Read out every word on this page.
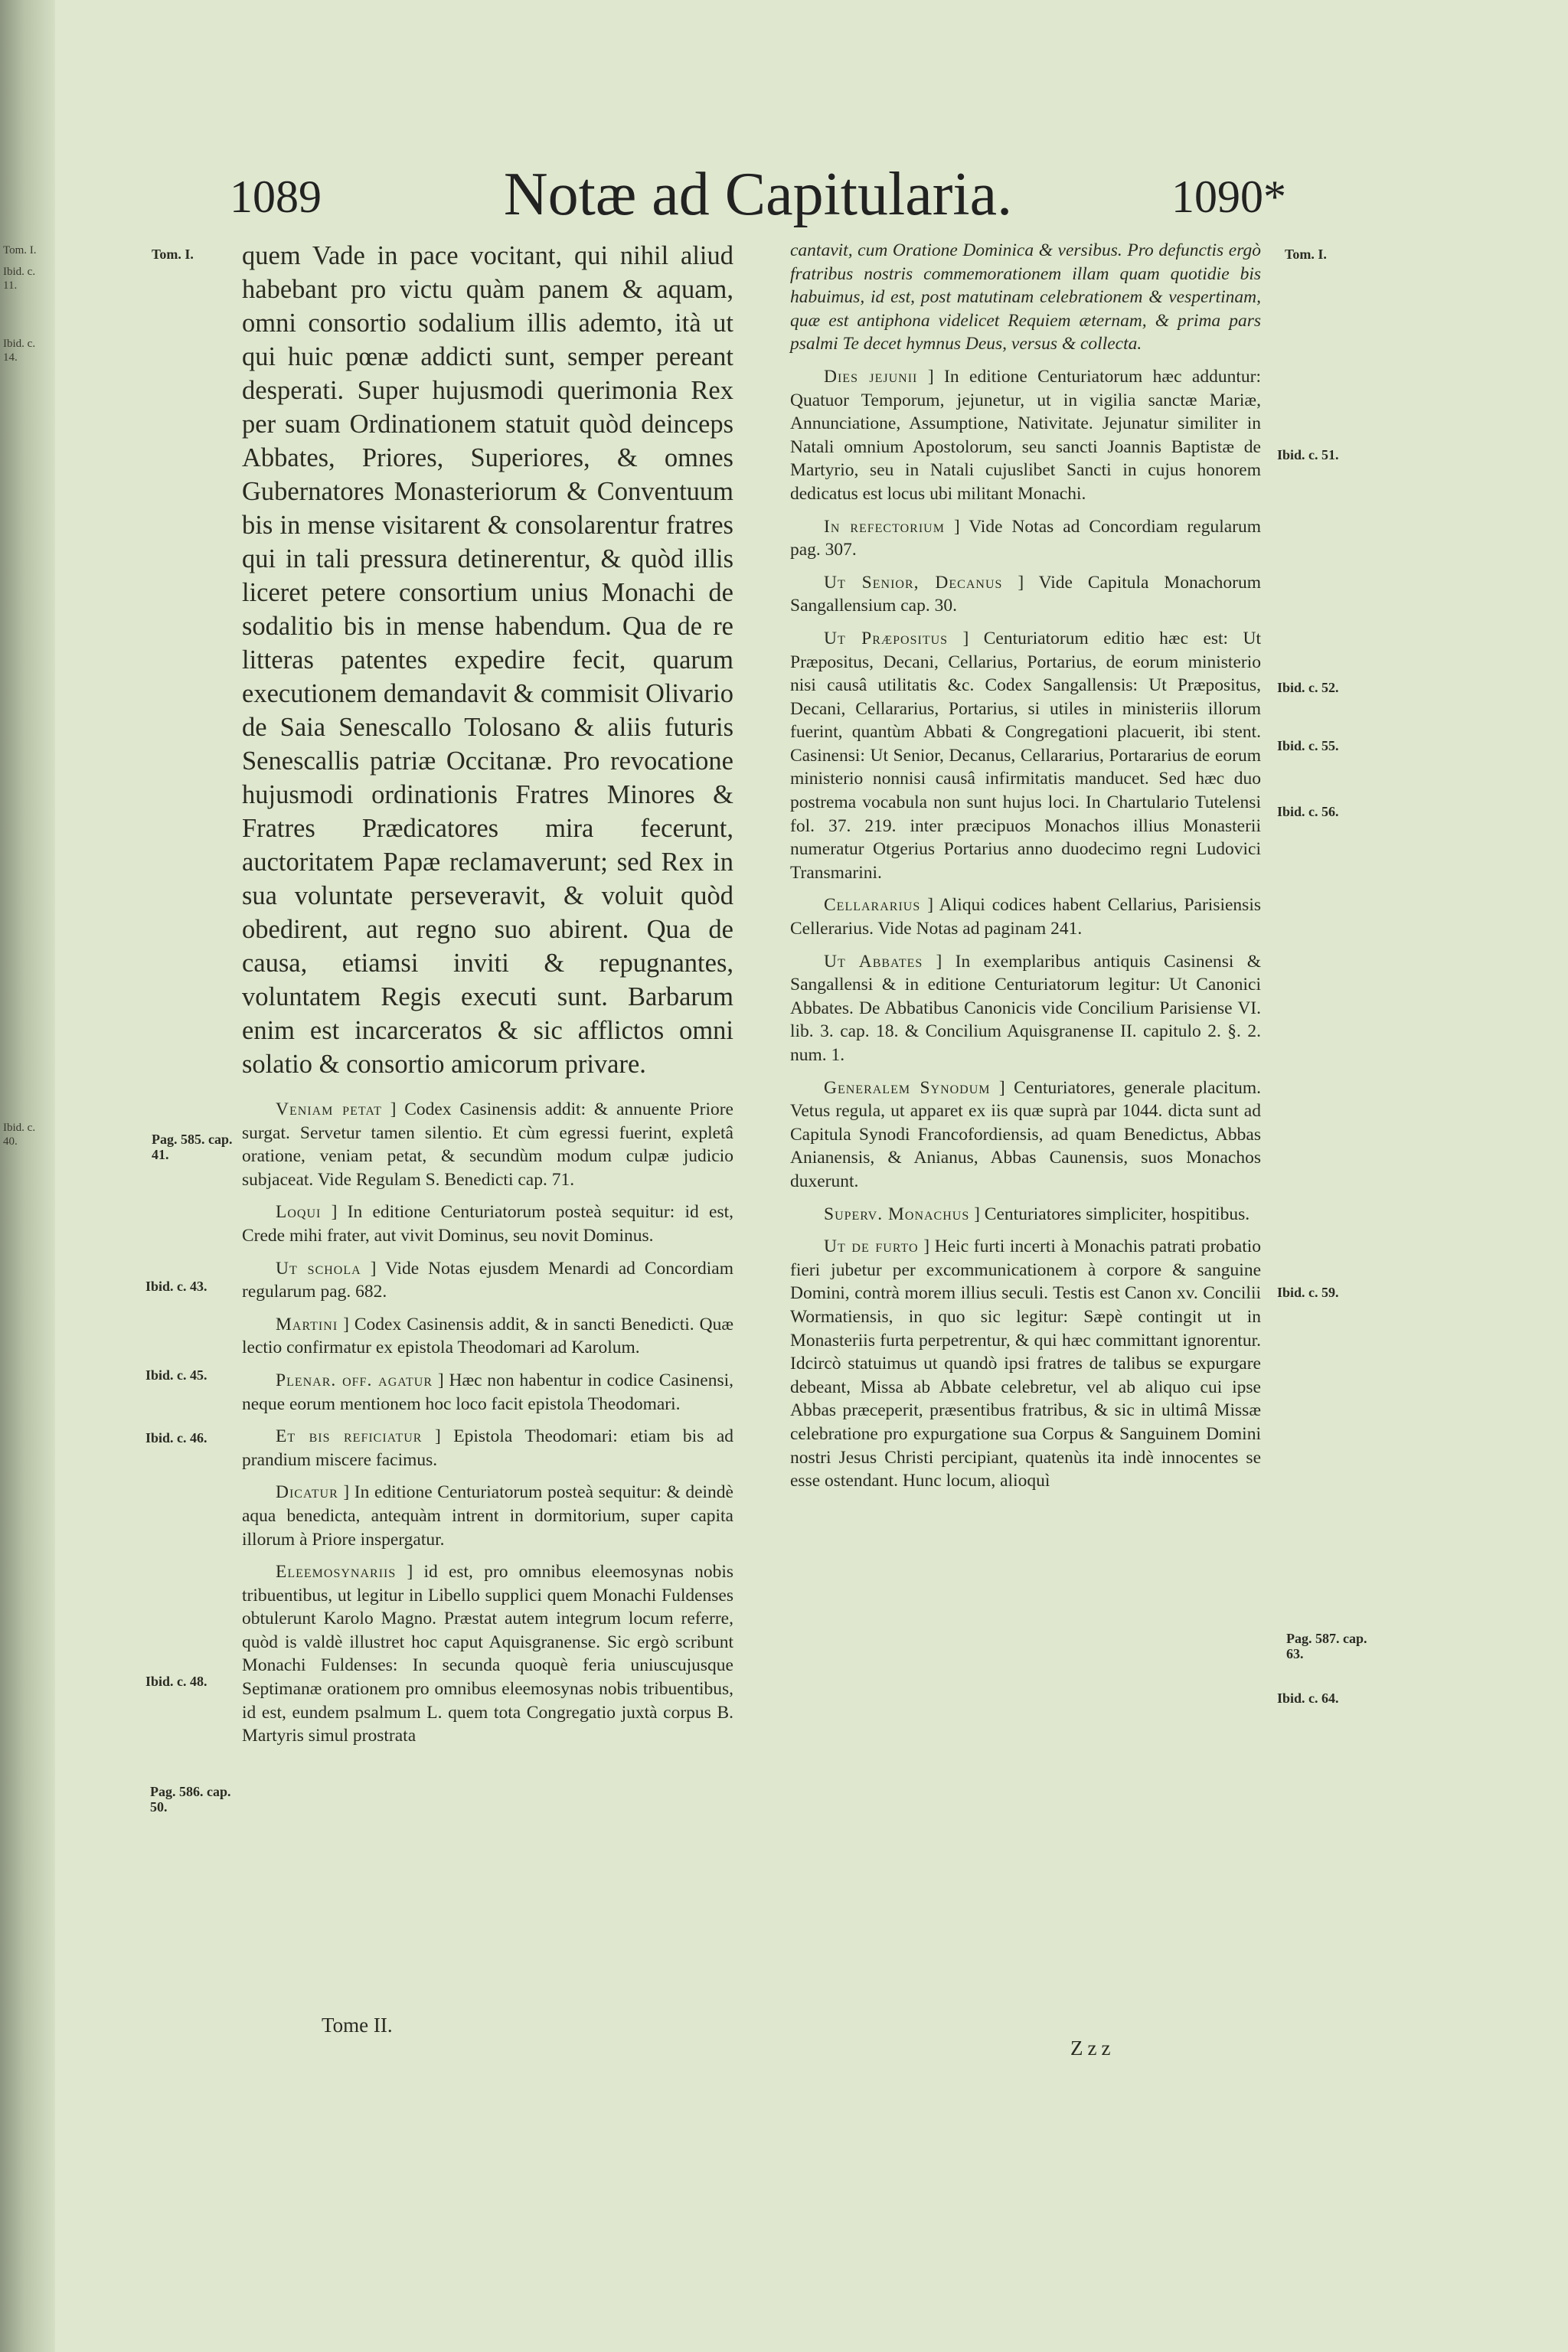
Tom. I.
Ibid. c. 11.
Ibid. c. 14.
Ibid. c. 40.
1089	Notæ ad Capitularia.	1090*
Tom. I.
Pag. 585. cap. 41.
Ibid. c. 43.
Ibid. c. 45.
Ibid. c. 46.
Ibid. c. 48.
Pag. 586. cap. 50.
Tom. I.
Ibid. c. 51.
Ibid. c. 52.
Ibid. c. 55.
Ibid. c. 56.
Ibid. c. 59.
Pag. 587. cap. 63.
Ibid. c. 64.

quem Vade in pace vocitant, qui nihil aliud habebant pro victu quàm panem & aquam, omni consortio sodalium illis ademto, ità ut qui huic pœnæ addicti sunt, semper pereant desperati. Super hujusmodi querimonia Rex per suam Ordinationem statuit quòd deinceps Abbates, Priores, Superiores, & omnes Gubernatores Monasteriorum & Conventuum bis in mense visitarent & consolarentur fratres qui in tali pressura detinerentur, & quòd illis liceret petere consortium unius Monachi de sodalitio bis in mense habendum. Qua de re litteras patentes expedire fecit, quarum executionem demandavit & commisit Olivario de Saia Senescallo Tolosano & aliis futuris Senescallis patriæ Occitanæ. Pro revocatione hujusmodi ordinationis Fratres Minores & Fratres Prædicatores mira fecerunt, auctoritatem Papæ reclamaverunt; sed Rex in sua voluntate perseveravit, & voluit quòd obedirent, aut regno suo abirent. Qua de causa, etiamsi inviti & repugnantes, voluntatem Regis executi sunt. Barbarum enim est incarceratos & sic afflictos omni solatio & consortio amicorum privare.

Veniam petat ] Codex Casinensis addit: & annuente Priore surgat. Servetur tamen silentio. Et cùm egressi fuerint, expletâ oratione, veniam petat, & secundùm modum culpæ judicio subjaceat. Vide Regulam S. Benedicti cap. 71.

Loqui ] In editione Centuriatorum posteà sequitur: id est, Crede mihi frater, aut vivit Dominus, seu novit Dominus.

Ut schola ] Vide Notas ejusdem Menardi ad Concordiam regularum pag. 682.

Martini ] Codex Casinensis addit, & in sancti Benedicti. Quæ lectio confirmatur ex epistola Theodomari ad Karolum.

Plenar. off. agatur ] Hæc non habentur in codice Casinensi, neque eorum mentionem hoc loco facit epistola Theodomari.

Et bis reficiatur ] Epistola Theodomari: etiam bis ad prandium miscere facimus.

Dicatur ] In editione Centuriatorum posteà sequitur: & deindè aqua benedicta, antequàm intrent in dormitorium, super capita illorum à Priore inspergatur.

Eleemosynariis ] id est, pro omnibus eleemosynas nobis tribuentibus, ut legitur in Libello supplici quem Monachi Fuldenses obtulerunt Karolo Magno. Præstat autem integrum locum referre, quòd is valdè illustret hoc caput Aquisgranense. Sic ergò scribunt Monachi Fuldenses: In secunda quoquè feria uniuscujusque Septimanæ orationem pro omnibus eleemosynas nobis tribuentibus, id est, eundem psalmum L. quem tota Congregatio juxtà corpus B. Martyris simul prostrata

cantavit, cum Oratione Dominica & versibus. Pro defunctis ergò fratribus nostris commemorationem illam quam quotidie bis habuimus, id est, post matutinam celebrationem & vespertinam, quæ est antiphona videlicet Requiem æternam, & prima pars psalmi Te decet hymnus Deus, versus & collecta.

Dies jejunii ] In editione Centuriatorum hæc adduntur: Quatuor Temporum, jejunetur, ut in vigilia sanctæ Mariæ, Annunciatione, Assumptione, Nativitate. Jejunatur similiter in Natali omnium Apostolorum, seu sancti Joannis Baptistæ de Martyrio, seu in Natali cujuslibet Sancti in cujus honorem dedicatus est locus ubi militant Monachi.

In refectorium ] Vide Notas ad Concordiam regularum pag. 307.

Ut Senior, Decanus ] Vide Capitula Monachorum Sangallensium cap. 30.

Ut Præpositus ] Centuriatorum editio hæc est: Ut Præpositus, Decani, Cellarius, Portarius, de eorum ministerio nisi causâ utilitatis &c. Codex Sangallensis: Ut Præpositus, Decani, Cellararius, Portarius, si utiles in ministeriis illorum fuerint, quantùm Abbati & Congregationi placuerit, ibi stent. Casinensi: Ut Senior, Decanus, Cellararius, Portararius de eorum ministerio nonnisi causâ infirmitatis manducet. Sed hæc duo postrema vocabula non sunt hujus loci. In Chartulario Tutelensi fol. 37. 219. inter præcipuos Monachos illius Monasterii numeratur Otgerius Portarius anno duodecimo regni Ludovici Transmarini.

Cellararius ] Aliqui codices habent Cellarius, Parisiensis Cellerarius. Vide Notas ad paginam 241.

Ut Abbates ] In exemplaribus antiquis Casinensi & Sangallensi & in editione Centuriatorum legitur: Ut Canonici Abbates. De Abbatibus Canonicis vide Concilium Parisiense VI. lib. 3. cap. 18. & Concilium Aquisgranense II. capitulo 2. §. 2. num. 1.

Generalem Synodum ] Centuriatores, generale placitum. Vetus regula, ut apparet ex iis quæ suprà par 1044. dicta sunt ad Capitula Synodi Francofordiensis, ad quam Benedictus, Abbas Anianensis, & Anianus, Abbas Caunensis, suos Monachos duxerunt.

Superv. Monachus ] Centuriatores simpliciter, hospitibus.

Ut de furto ] Heic furti incerti à Monachis patrati probatio fieri jubetur per excommunicationem à corpore & sanguine Domini, contrà morem illius seculi. Testis est Canon xv. Concilii Wormatiensis, in quo sic legitur: Sæpè contingit ut in Monasteriis furta perpetrentur, & qui hæc committant ignorentur. Idcircò statuimus ut quandò ipsi fratres de talibus se expurgare debeant, Missa ab Abbate celebretur, vel ab aliquo cui ipse Abbas præceperit, præsentibus fratribus, & sic in ultimâ Missæ celebratione pro expurgatione sua Corpus & Sanguinem Domini nostri Jesus Christi percipiant, quatenùs ita indè innocentes se esse ostendant. Hunc locum, alioquì

Tome II.
Zzz
